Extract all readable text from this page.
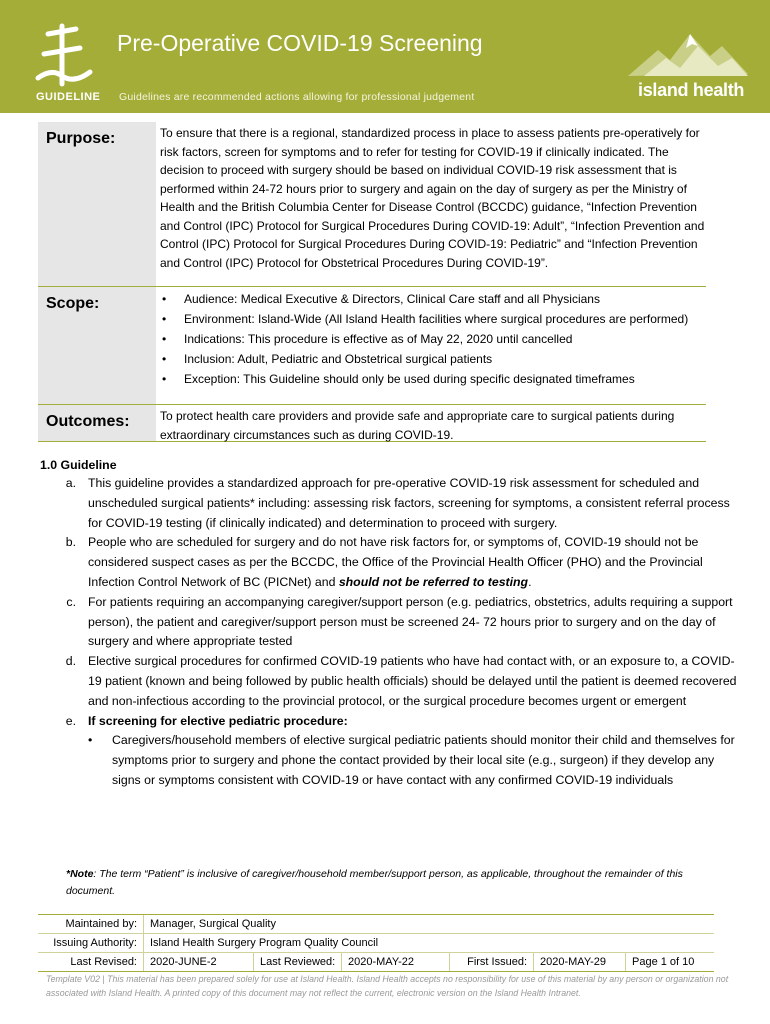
GUIDELINE
Pre-Operative COVID-19 Screening
Guidelines are recommended actions allowing for professional judgement	island health
Purpose:	To ensure that there is a regional, standardized process in place to assess patients pre-operatively for risk factors, screen for symptoms and to refer for testing for COVID-19 if clinically indicated. The decision to proceed with surgery should be based on individual COVID-19 risk assessment that is performed within 24-72 hours prior to surgery and again on the day of surgery as per the Ministry of Health and the British Columbia Center for Disease Control (BCCDC) guidance, “Infection Prevention and Control (IPC) Protocol for Surgical Procedures During COVID-19: Adult”, “Infection Prevention and Control (IPC) Protocol for Surgical Procedures During COVID-19: Pediatric” and “Infection Prevention and Control (IPC) Protocol for Obstetrical Procedures During COVID-19”.
Scope:
•	Audience: Medical Executive & Directors, Clinical Care staff and all Physicians
• Environment: Island-Wide (All Island Health facilities where surgical procedures are performed)
• Indications: This procedure is effective as of May 22, 2020 until cancelled
• Inclusion: Adult, Pediatric and Obstetrical surgical patients
• Exception: This Guideline should only be used during specific designated timeframes
Outcomes:	To protect health care providers and provide safe and appropriate care to surgical patients during extraordinary circumstances such as during COVID-19.
1.0 Guideline
a. This guideline provides a standardized approach for pre-operative COVID-19 risk assessment for scheduled and unscheduled surgical patients* including: assessing risk factors, screening for symptoms, a consistent referral process for COVID-19 testing (if clinically indicated) and determination to proceed with surgery.
b. People who are scheduled for surgery and do not have risk factors for, or symptoms of, COVID-19 should not be considered suspect cases as per the BCCDC, the Office of the Provincial Health Officer (PHO) and the Provincial Infection Control Network of BC (PICNet) and should not be referred to testing.
c. For patients requiring an accompanying caregiver/support person (e.g. pediatrics, obstetrics, adults requiring a support person), the patient and caregiver/support person must be screened 24- 72 hours prior to surgery and on the day of surgery and where appropriate tested
d. Elective surgical procedures for confirmed COVID-19 patients who have had contact with, or an exposure to, a COVID-19 patient (known and being followed by public health officials) should be delayed until the patient is deemed recovered and non-infectious according to the provincial protocol, or the surgical procedure becomes urgent or emergent
e. If screening for elective pediatric procedure:
•	Caregivers/household members of elective surgical pediatric patients should monitor their child and themselves for symptoms prior to surgery and phone the contact provided by their local site (e.g., surgeon) if they develop any signs or symptoms consistent with COVID-19 or have contact with any confirmed COVID-19 individuals
*Note: The term “Patient” is inclusive of caregiver/household member/support person, as applicable, throughout the remainder of this document.
Maintained by:	Manager, Surgical Quality
Issuing Authority:	Island Health Surgery Program Quality Council
Last Revised:	2020-JUNE-2	Last Reviewed:	2020-MAY-22	First Issued:	2020-MAY-29	Page 1 of 10
Template V02 | This material has been prepared solely for use at Island Health. Island Health accepts no responsibility for use of this material by any person or organization not associated with Island Health. A printed copy of this document may not reflect the current, electronic version on the Island Health Intranet.
